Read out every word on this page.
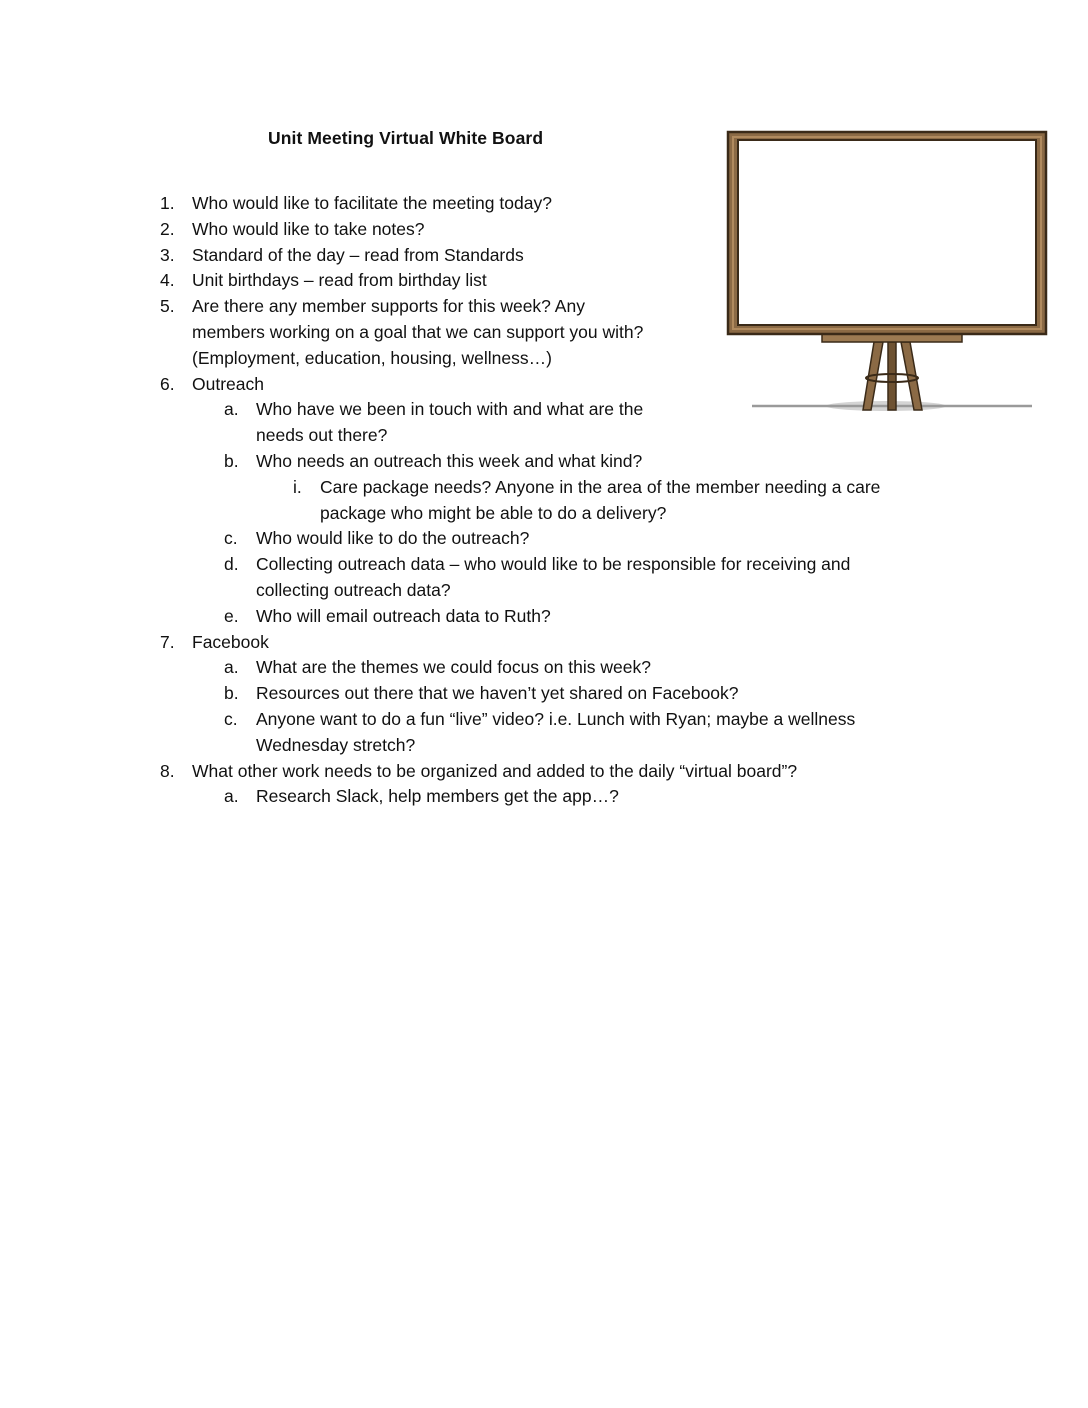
Unit Meeting Virtual White Board
1. Who would like to facilitate the meeting today?
2. Who would like to take notes?
3. Standard of the day – read from Standards
4. Unit birthdays – read from birthday list
5. Are there any member supports for this week? Any
members working on a goal that we can support you with?
(Employment, education, housing, wellness…)
6. Outreach
a. Who have we been in touch with and what are the
needs out there?
b. Who needs an outreach this week and what kind?
i. Care package needs? Anyone in the area of the member needing a care
package who might be able to do a delivery?
c. Who would like to do the outreach?
d. Collecting outreach data – who would like to be responsible for receiving and
collecting outreach data?
e. Who will email outreach data to Ruth?
7. Facebook
a. What are the themes we could focus on this week?
b. Resources out there that we haven’t yet shared on Facebook?
c. Anyone want to do a fun “live” video? i.e. Lunch with Ryan; maybe a wellness
Wednesday stretch?
8. What other work needs to be organized and added to the daily “virtual board”?
a. Research Slack, help members get the app…?
